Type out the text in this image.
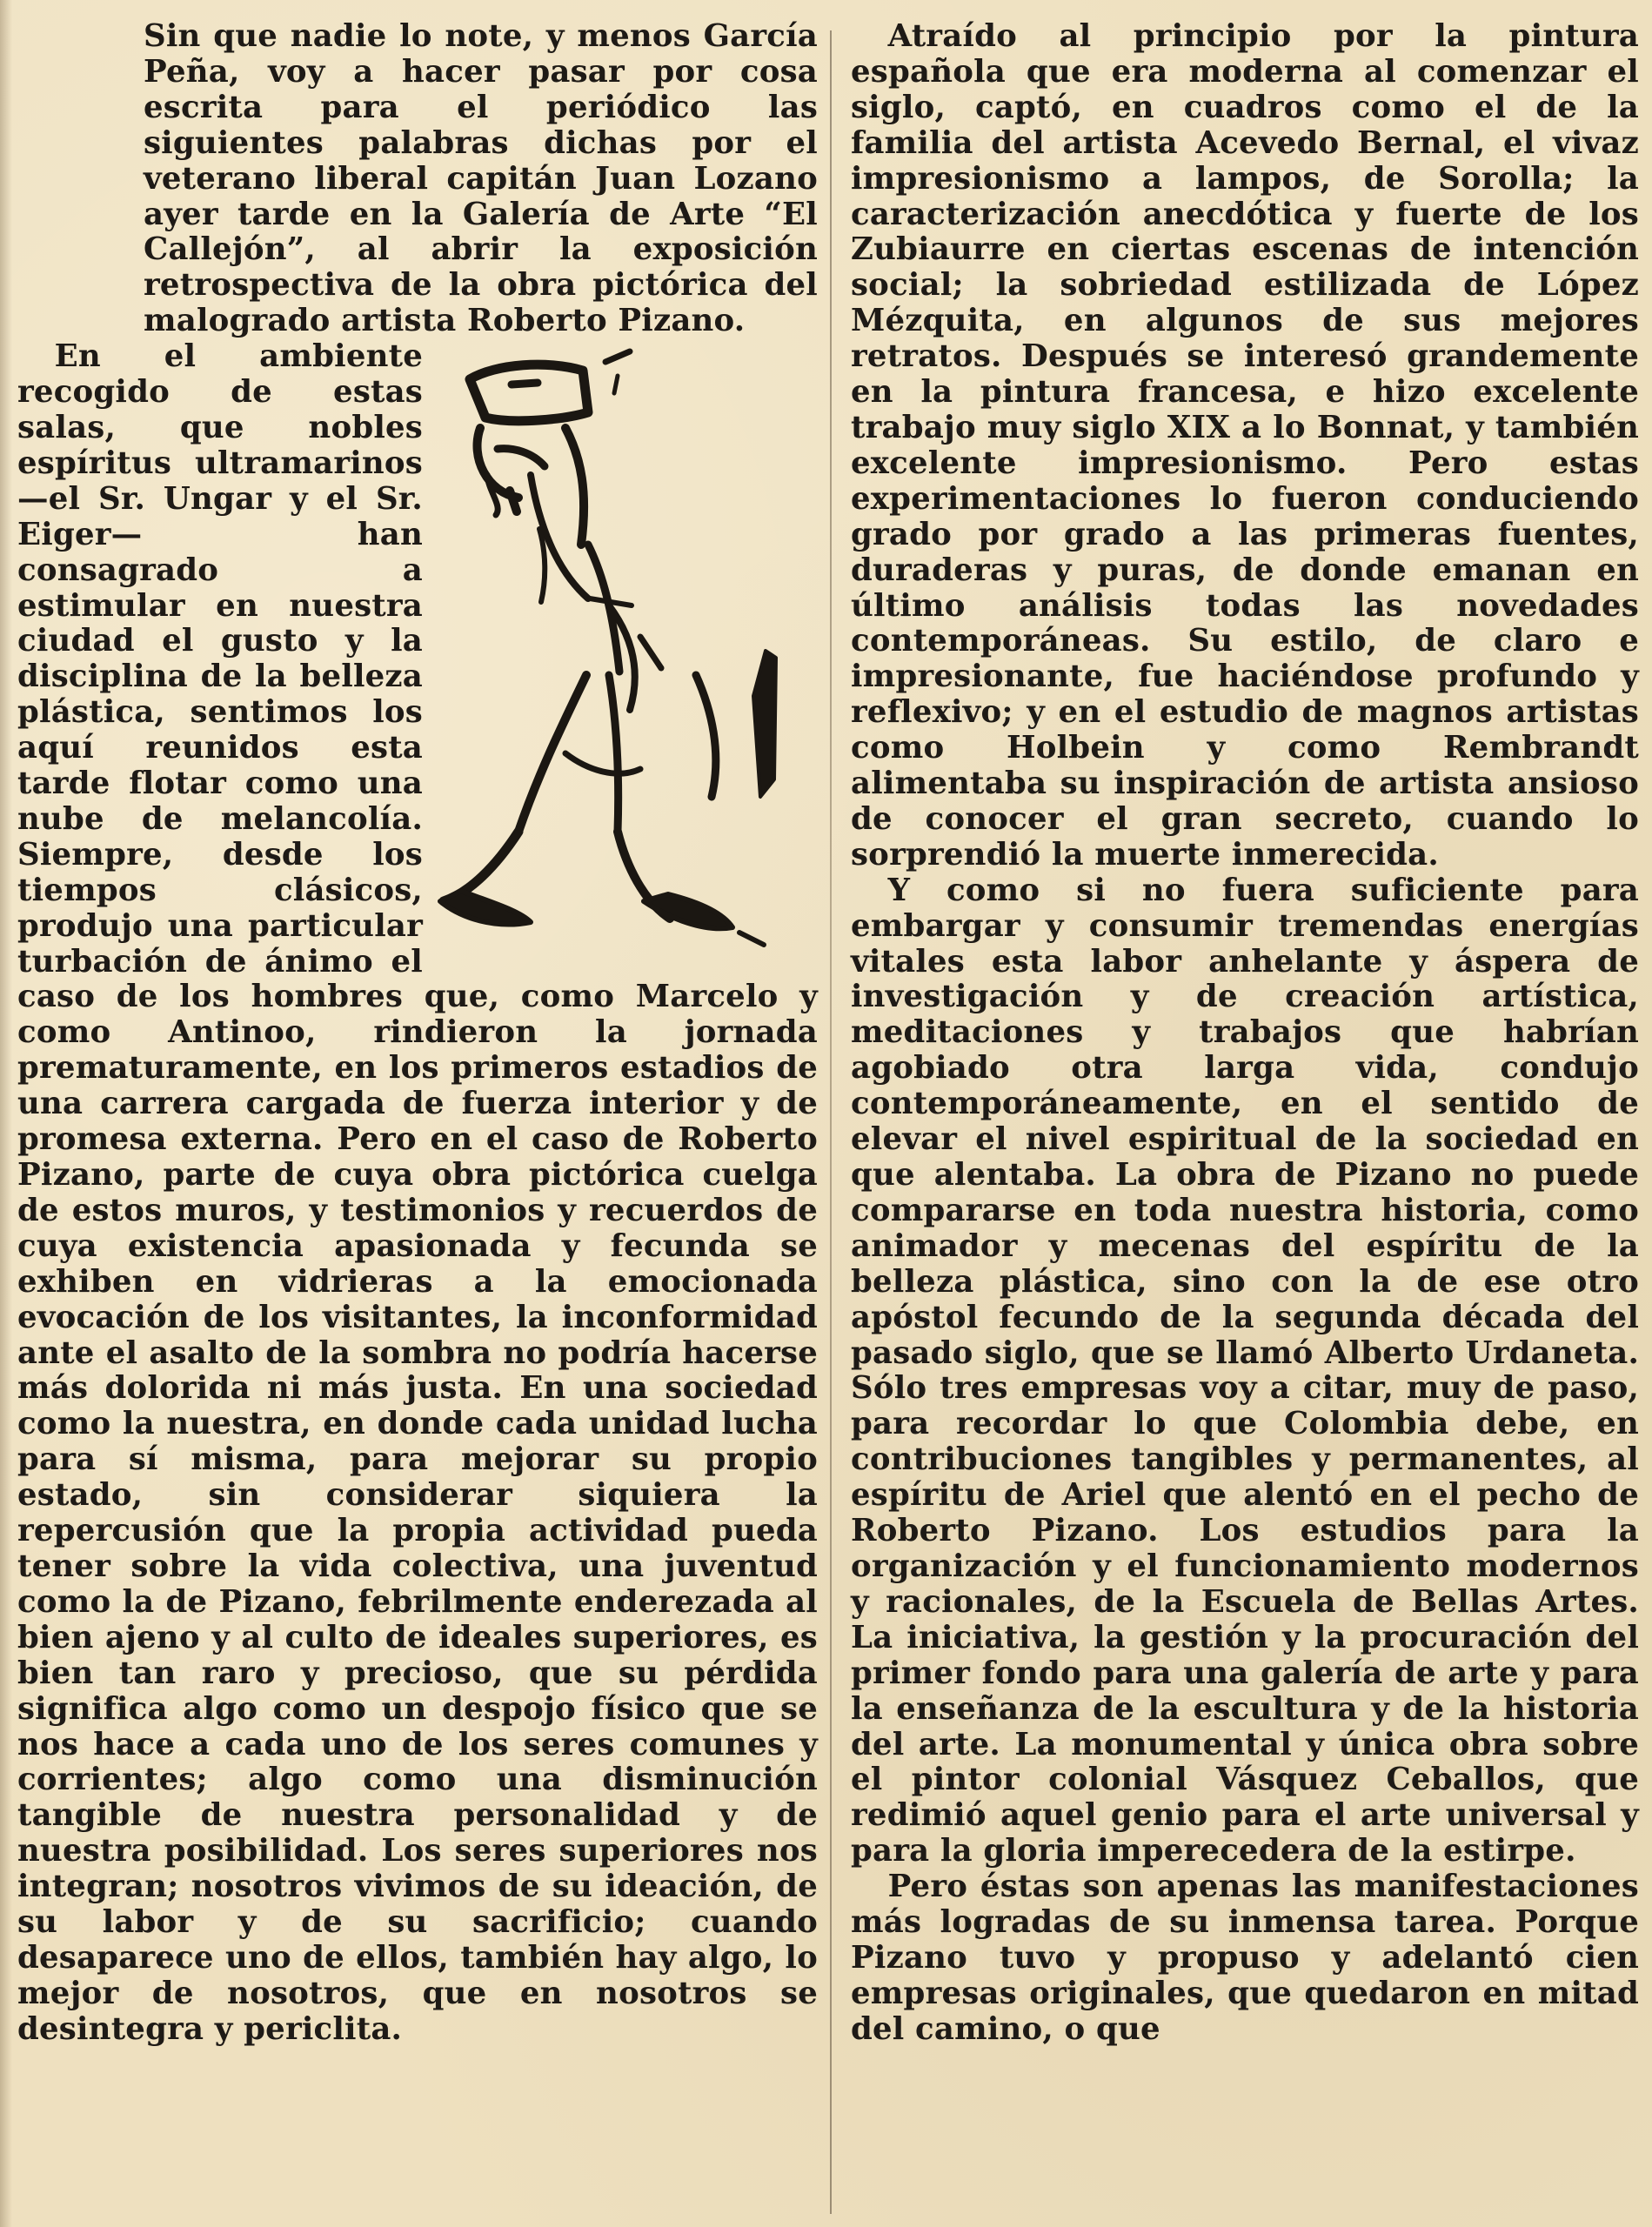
Sin que nadie lo note, y menos García Peña, voy a hacer pasar por cosa escrita para el periódico las siguientes palabras dichas por el veterano liberal capitán Juan Lozano ayer tarde en la Galería de Arte “El Callejón”, al abrir la exposición retrospectiva de la obra pictórica del malogrado artista Roberto Pizano.

En el ambiente recogido de estas salas, que nobles espíritus ultramarinos —el Sr. Ungar y el Sr. Eiger— han consagrado a estimular en nuestra ciudad el gusto y la disciplina de la belleza plástica, sentimos los aquí reunidos esta tarde flotar como una nube de melancolía. Siempre, desde los tiempos clásicos, produjo una particular turbación de ánimo el caso de los hombres que, como Marcelo y como Antinoo, rindieron la jornada prematuramente, en los primeros estadios de una carrera cargada de fuerza interior y de promesa externa. Pero en el caso de Roberto Pizano, parte de cuya obra pictórica cuelga de estos muros, y testimonios y recuerdos de cuya existencia apasionada y fecunda se exhiben en vidrieras a la emocionada evocación de los visitantes, la inconformidad ante el asalto de la sombra no podría hacerse más dolorida ni más justa. En una sociedad como la nuestra, en donde cada unidad lucha para sí misma, para mejorar su propio estado, sin considerar siquiera la repercusión que la propia actividad pueda tener sobre la vida colectiva, una juventud como la de Pizano, febrilmente enderezada al bien ajeno y al culto de ideales superiores, es bien tan raro y precioso, que su pérdida significa algo como un despojo físico que se nos hace a cada uno de los seres comunes y corrientes; algo como una disminución tangible de nuestra personalidad y de nuestra posibilidad. Los seres superiores nos integran; nosotros vivimos de su ideación, de su labor y de su sacrificio; cuando desaparece uno de ellos, también hay algo, lo mejor de nosotros, que en nosotros se desintegra y periclita.

Atraído al principio por la pintura española que era moderna al comenzar el siglo, captó, en cuadros como el de la familia del artista Acevedo Bernal, el vivaz impresionismo a lampos, de Sorolla; la caracterización anecdótica y fuerte de los Zubiaurre en ciertas escenas de intención social; la sobriedad estilizada de López Mézquita, en algunos de sus mejores retratos. Después se interesó grandemente en la pintura francesa, e hizo excelente trabajo muy siglo XIX a lo Bonnat, y también excelente impresionismo. Pero estas experimentaciones lo fueron conduciendo grado por grado a las primeras fuentes, duraderas y puras, de donde emanan en último análisis todas las novedades contemporáneas. Su estilo, de claro e impresionante, fue haciéndose profundo y reflexivo; y en el estudio de magnos artistas como Holbein y como Rembrandt alimentaba su inspiración de artista ansioso de conocer el gran secreto, cuando lo sorprendió la muerte inmerecida.

Y como si no fuera suficiente para embargar y consumir tremendas energías vitales esta labor anhelante y áspera de investigación y de creación artística, meditaciones y trabajos que habrían agobiado otra larga vida, condujo contemporáneamente, en el sentido de elevar el nivel espiritual de la sociedad en que alentaba. La obra de Pizano no puede compararse en toda nuestra historia, como animador y mecenas del espíritu de la belleza plástica, sino con la de ese otro apóstol fecundo de la segunda década del pasado siglo, que se llamó Alberto Urdaneta. Sólo tres empresas voy a citar, muy de paso, para recordar lo que Colombia debe, en contribuciones tangibles y permanentes, al espíritu de Ariel que alentó en el pecho de Roberto Pizano. Los estudios para la organización y el funcionamiento modernos y racionales, de la Escuela de Bellas Artes. La iniciativa, la gestión y la procuración del primer fondo para una galería de arte y para la enseñanza de la escultura y de la historia del arte. La monumental y única obra sobre el pintor colonial Vásquez Ceballos, que redimió aquel genio para el arte universal y para la gloria imperecedera de la estirpe.

Pero éstas son apenas las manifestaciones más logradas de su inmensa tarea. Porque Pizano tuvo y propuso y adelantó cien empresas originales, que quedaron en mitad del camino, o que
